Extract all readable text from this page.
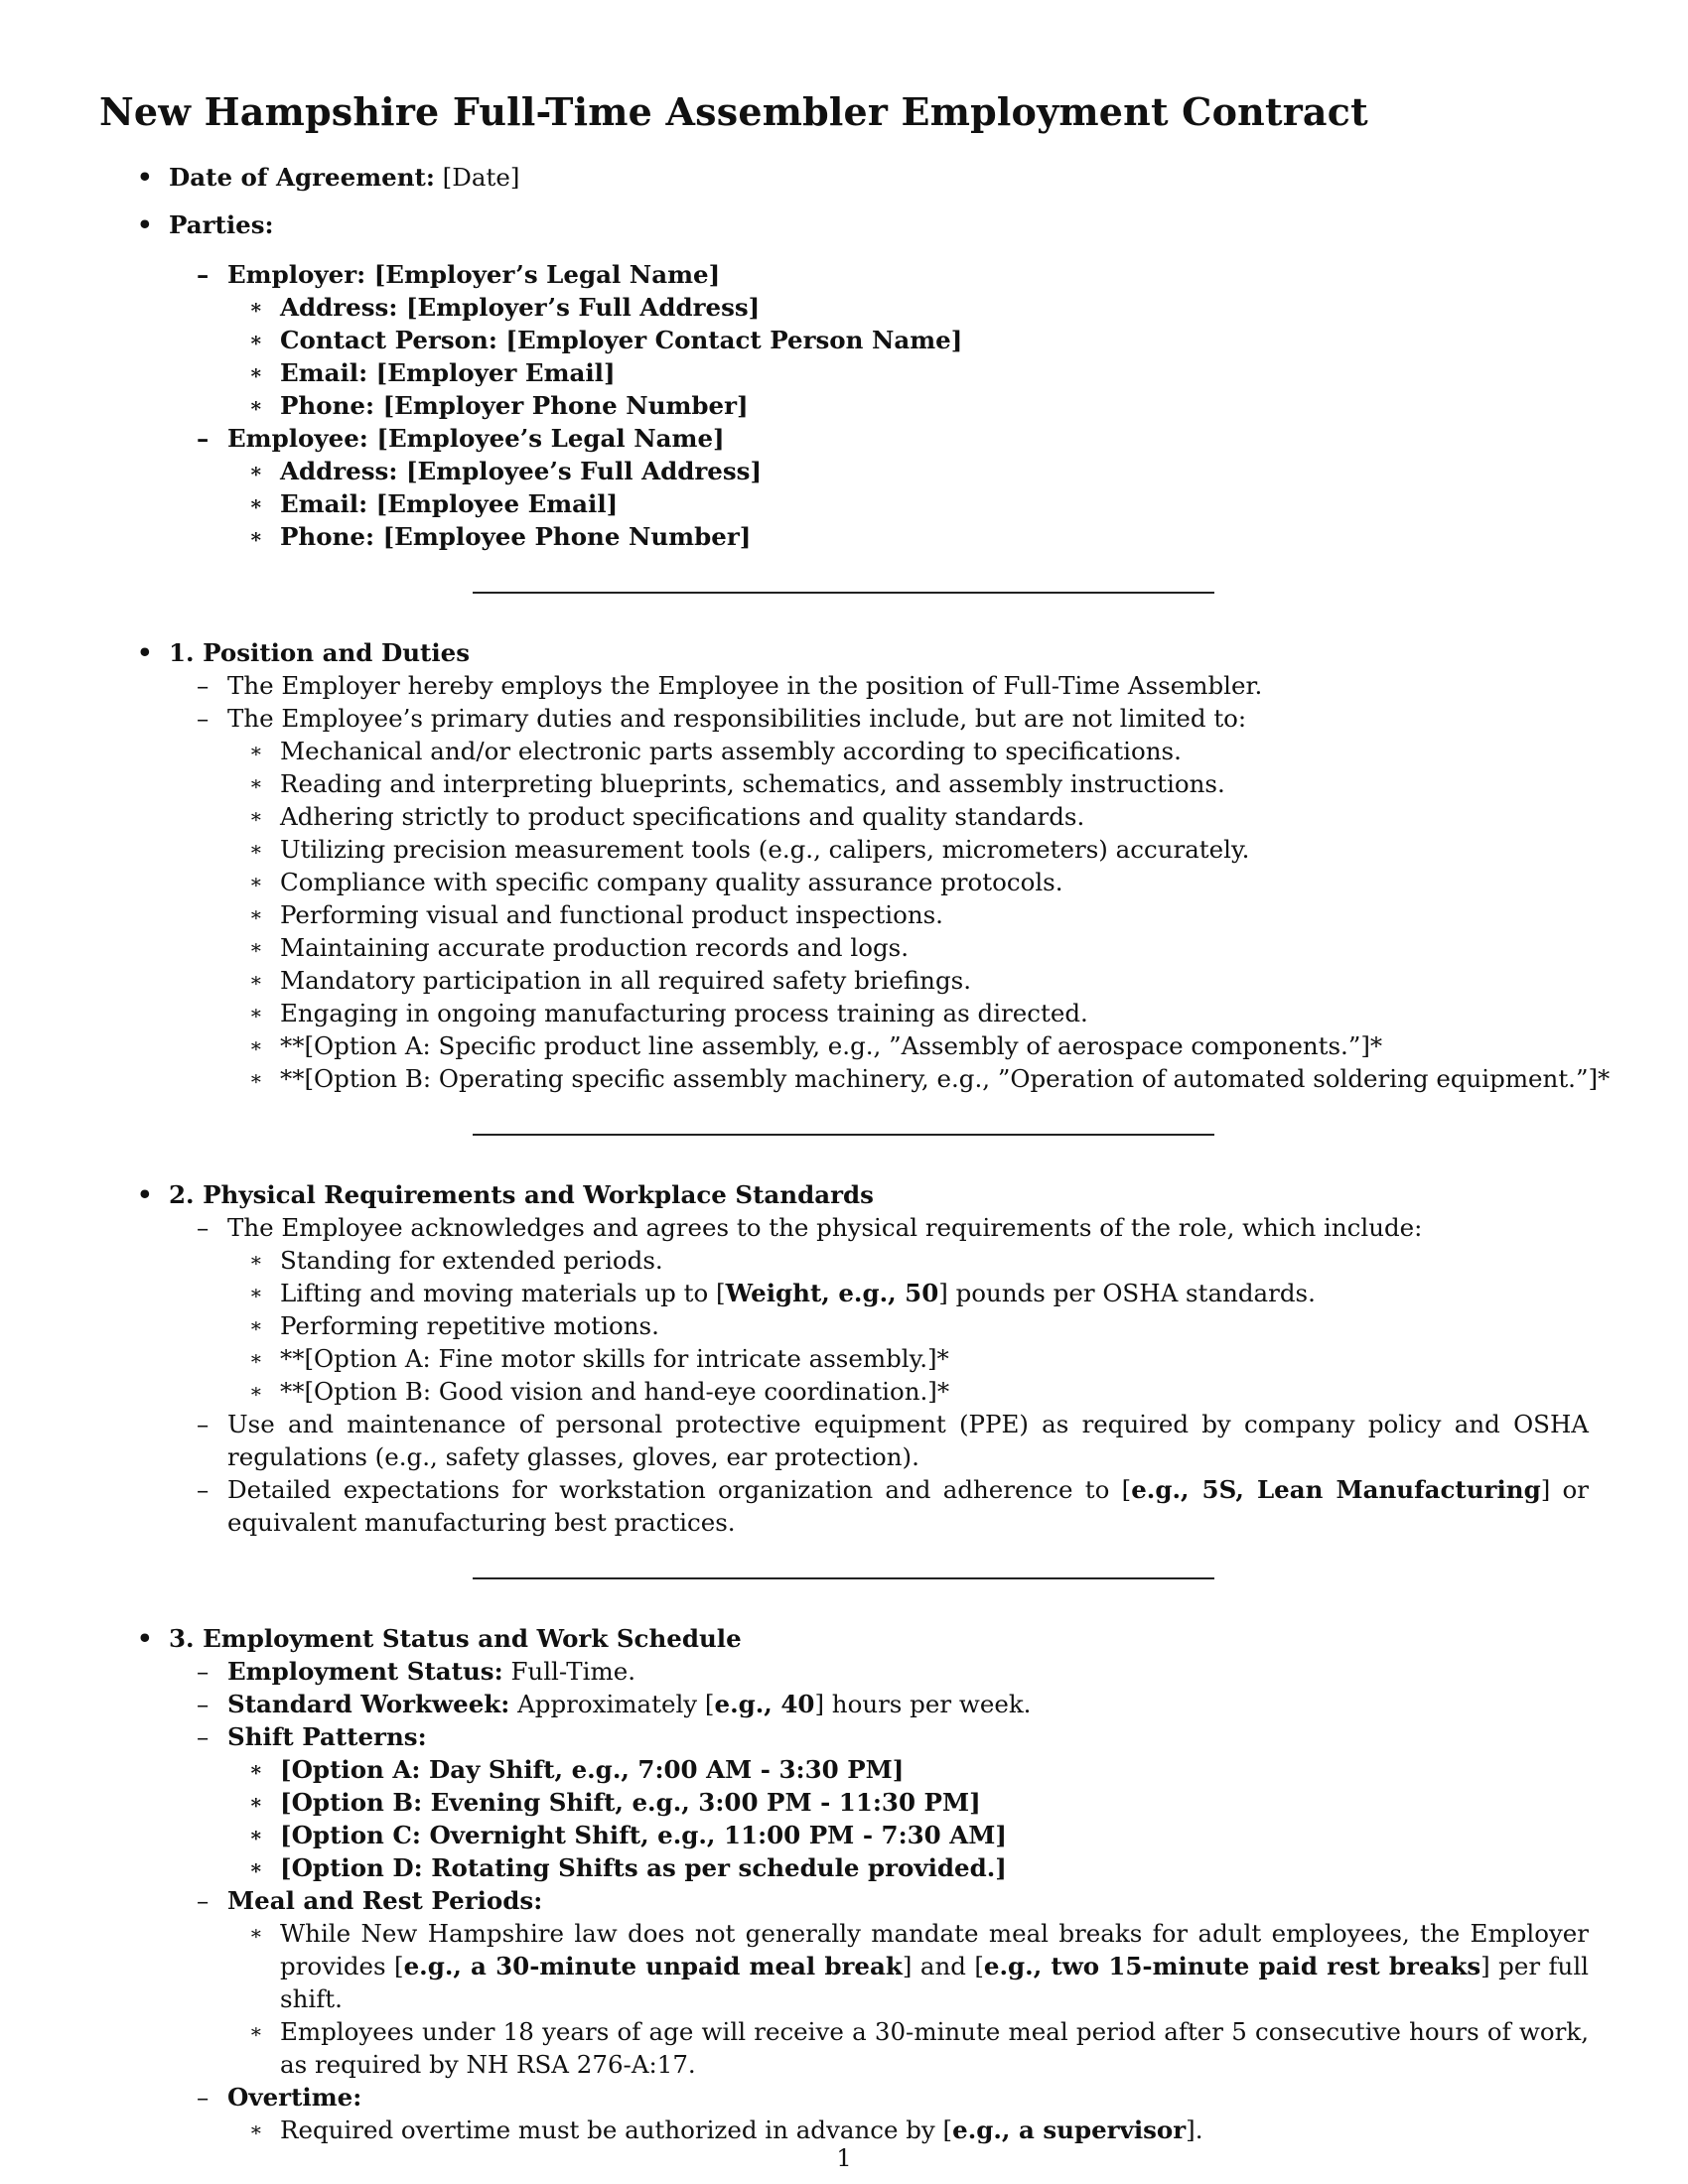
New Hampshire Full-Time Assembler Employment Contract
• Date of Agreement: [Date]
• Parties:
– Employer: [Employer’s Legal Name]
∗ Address: [Employer’s Full Address]
∗ Contact Person: [Employer Contact Person Name]
∗ Email: [Employer Email]
∗ Phone: [Employer Phone Number]
– Employee: [Employee’s Legal Name]
∗ Address: [Employee’s Full Address]
∗ Email: [Employee Email]
∗ Phone: [Employee Phone Number]
• 1. Position and Duties
– The Employer hereby employs the Employee in the position of Full-Time Assembler.
– The Employee’s primary duties and responsibilities include, but are not limited to:
∗ Mechanical and/or electronic parts assembly according to specifications.
∗ Reading and interpreting blueprints, schematics, and assembly instructions.
∗ Adhering strictly to product specifications and quality standards.
∗ Utilizing precision measurement tools (e.g., calipers, micrometers) accurately.
∗ Compliance with specific company quality assurance protocols.
∗ Performing visual and functional product inspections.
∗ Maintaining accurate production records and logs.
∗ Mandatory participation in all required safety briefings.
∗ Engaging in ongoing manufacturing process training as directed.
∗ **[Option A: Specific product line assembly, e.g., ”Assembly of aerospace components.”]*
∗ **[Option B: Operating specific assembly machinery, e.g., ”Operation of automated soldering equipment.”]*
• 2. Physical Requirements and Workplace Standards
– The Employee acknowledges and agrees to the physical requirements of the role, which include:
∗ Standing for extended periods.
∗ Lifting and moving materials up to [Weight, e.g., 50] pounds per OSHA standards.
∗ Performing repetitive motions.
∗ **[Option A: Fine motor skills for intricate assembly.]*
∗ **[Option B: Good vision and hand-eye coordination.]*
– Use and maintenance of personal protective equipment (PPE) as required by company policy and OSHA regulations (e.g., safety glasses, gloves, ear protection).
– Detailed expectations for workstation organization and adherence to [e.g., 5S, Lean Manufacturing] or equivalent manufacturing best practices.
• 3. Employment Status and Work Schedule
– Employment Status: Full-Time.
– Standard Workweek: Approximately [e.g., 40] hours per week.
– Shift Patterns:
∗ [Option A: Day Shift, e.g., 7:00 AM - 3:30 PM]
∗ [Option B: Evening Shift, e.g., 3:00 PM - 11:30 PM]
∗ [Option C: Overnight Shift, e.g., 11:00 PM - 7:30 AM]
∗ [Option D: Rotating Shifts as per schedule provided.]
– Meal and Rest Periods:
∗ While New Hampshire law does not generally mandate meal breaks for adult employees, the Employer provides [e.g., a 30-minute unpaid meal break] and [e.g., two 15-minute paid rest breaks] per full shift.
∗ Employees under 18 years of age will receive a 30-minute meal period after 5 consecutive hours of work, as required by NH RSA 276-A:17.
– Overtime:
∗ Required overtime must be authorized in advance by [e.g., a supervisor].
1
